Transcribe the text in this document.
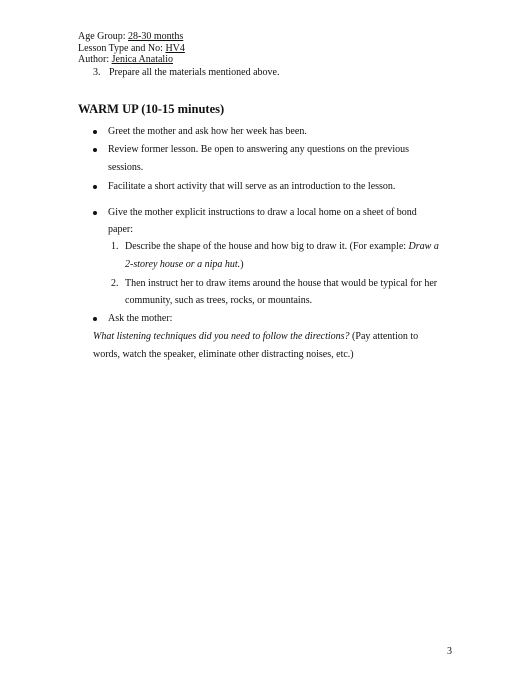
Age Group: 28-30 months
Lesson Type and No: HV4
Author: Jenica Anatalio
3. Prepare all the materials mentioned above.
WARM UP (10-15 minutes)
Greet the mother and ask how her week has been.
Review former lesson. Be open to answering any questions on the previous
sessions.
Facilitate a short activity that will serve as an introduction to the lesson.
Give the mother explicit instructions to draw a local home on a sheet of bond
paper:
1. Describe the shape of the house and how big to draw it. (For example: Draw a
2-storey house or a nipa hut.)
2. Then instruct her to draw items around the house that would be typical for her
community, such as trees, rocks, or mountains.
Ask the mother:
What listening techniques did you need to follow the directions? (Pay attention to
words, watch the speaker, eliminate other distracting noises, etc.)
3
